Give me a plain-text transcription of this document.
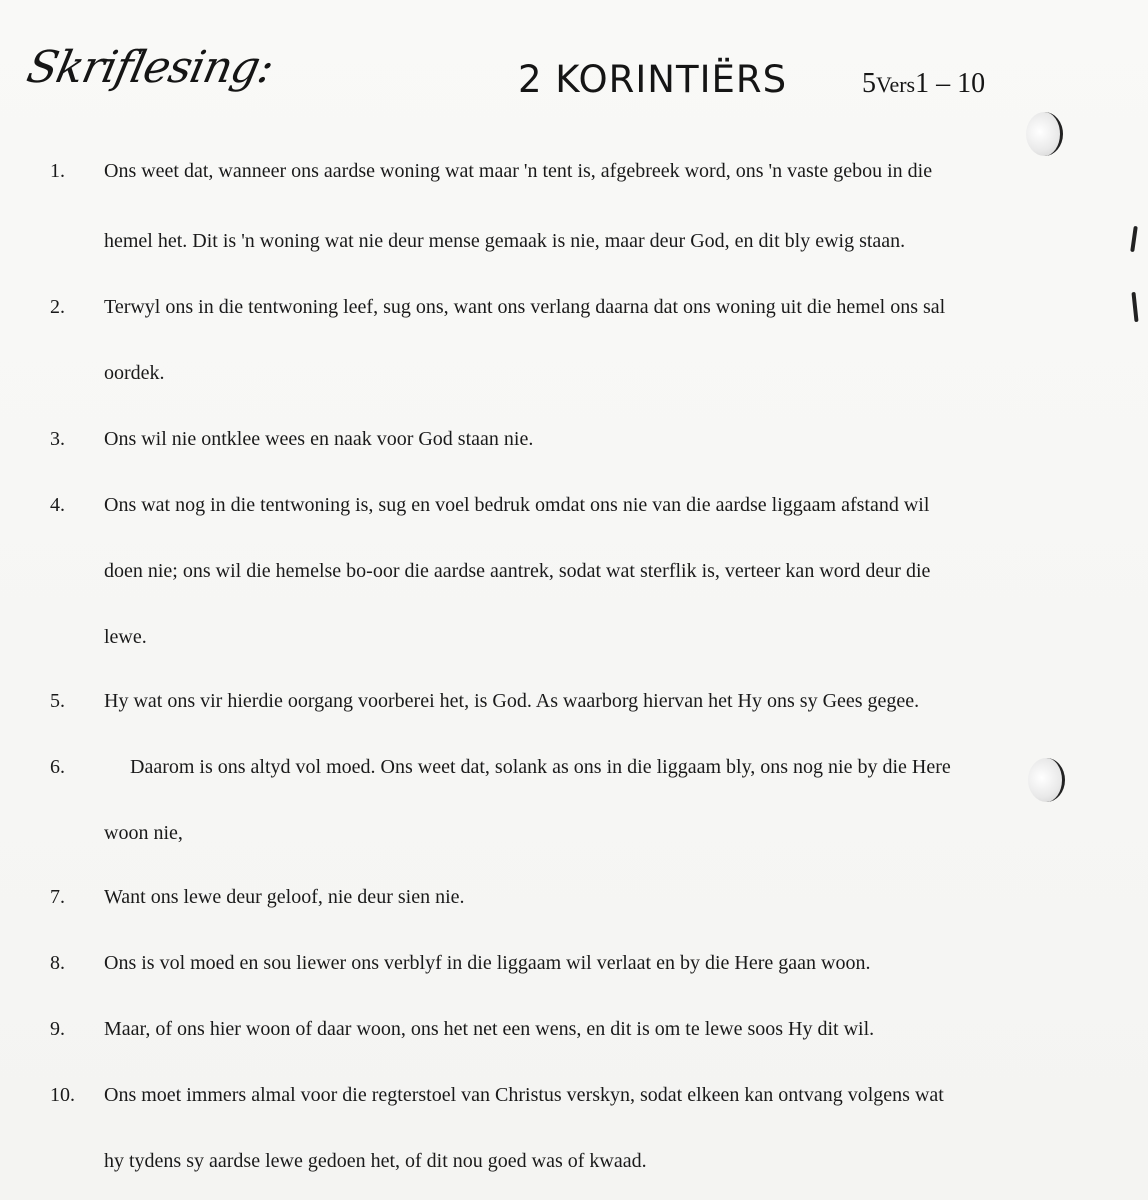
Skriflesing:	2 KORINTIËRS	5Vers1 – 10
1.	Ons weet dat, wanneer ons aardse woning wat maar 'n tent is, afgebreek word, ons 'n vaste gebou in die
hemel het. Dit is 'n woning wat nie deur mense gemaak is nie, maar deur God, en dit bly ewig staan.
2.	Terwyl ons in die tentwoning leef, sug ons, want ons verlang daarna dat ons woning uit die hemel ons sal
oordek.
3.	Ons wil nie ontklee wees en naak voor God staan nie.
4.	Ons wat nog in die tentwoning is, sug en voel bedruk omdat ons nie van die aardse liggaam afstand wil
doen nie; ons wil die hemelse bo-oor die aardse aantrek, sodat wat sterflik is, verteer kan word deur die
lewe.
5.	Hy wat ons vir hierdie oorgang voorberei het, is God. As waarborg hiervan het Hy ons sy Gees gegee.
6.	Daarom is ons altyd vol moed. Ons weet dat, solank as ons in die liggaam bly, ons nog nie by die Here
woon nie,
7.	Want ons lewe deur geloof, nie deur sien nie.
8.	Ons is vol moed en sou liewer ons verblyf in die liggaam wil verlaat en by die Here gaan woon.
9.	Maar, of ons hier woon of daar woon, ons het net een wens, en dit is om te lewe soos Hy dit wil.
10.	Ons moet immers almal voor die regterstoel van Christus verskyn, sodat elkeen kan ontvang volgens wat
hy tydens sy aardse lewe gedoen het, of dit nou goed was of kwaad.
